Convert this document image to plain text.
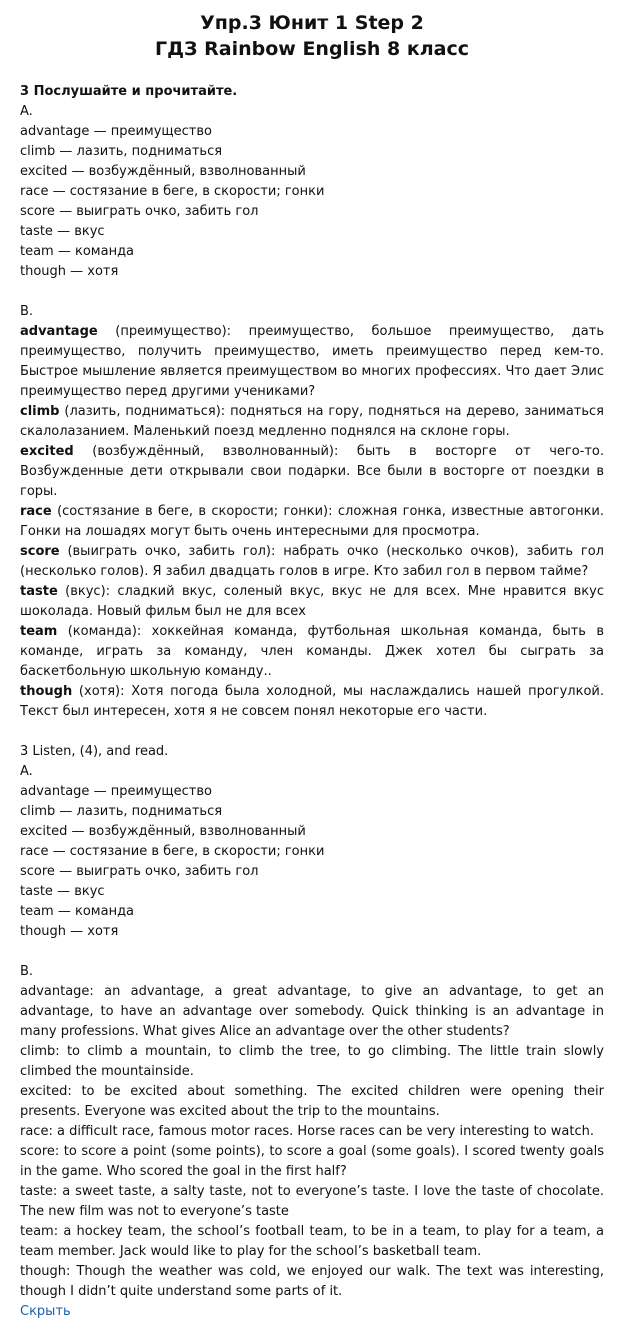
Упр.3 Юнит 1 Step 2
ГДЗ Rainbow English 8 класс
3 Послушайте и прочитайте.
A.
advantage — преимущество
climb — лазить, подниматься
excited — возбуждённый, взволнованный
race — состязание в беге, в скорости; гонки
score — выиграть очко, забить гол
taste — вкус
team — команда
though — хотя
B.

advantage (преимущество): преимущество, большое преимущество, дать преимущество, получить преимущество, иметь преимущество перед кем-то. Быстрое мышление является преимуществом во многих профессиях. Что дает Элис преимущество перед другими учениками?

climb (лазить, подниматься): подняться на гору, подняться на дерево, заниматься скалолазанием. Маленький поезд медленно поднялся на склоне горы.

excited (возбуждённый, взволнованный): быть в восторге от чего-то. Возбужденные дети открывали свои подарки. Все были в восторге от поездки в горы.

race (состязание в беге, в скорости; гонки): сложная гонка, известные автогонки. Гонки на лошадях могут быть очень интересными для просмотра.

score (выиграть очко, забить гол): набрать очко (несколько очков), забить гол (несколько голов). Я забил двадцать голов в игре. Кто забил гол в первом тайме?

taste (вкус): сладкий вкус, соленый вкус, вкус не для всех. Мне нравится вкус шоколада. Новый фильм был не для всех

team (команда): хоккейная команда, футбольная школьная команда, быть в команде, играть за команду, член команды. Джек хотел бы сыграть за баскетбольную школьную команду..

though (хотя): Хотя погода была холодной, мы наслаждались нашей прогулкой. Текст был интересен, хотя я не совсем понял некоторые его части.

3 Listen, (4), and read.
A.
advantage — преимущество
climb — лазить, подниматься
excited — возбуждённый, взволнованный
race — состязание в беге, в скорости; гонки
score — выиграть очко, забить гол
taste — вкус
team — команда
though — хотя
B.

advantage: an advantage, a great advantage, to give an advantage, to get an advantage, to have an advantage over somebody. Quick thinking is an advantage in many professions. What gives Alice an advantage over the other students?

climb: to climb a mountain, to climb the tree, to go climbing. The little train slowly climbed the mountainside.

excited: to be excited about something. The excited children were opening their presents. Everyone was excited about the trip to the mountains.

race: a difficult race, famous motor races. Horse races can be very interesting to watch.

score: to score a point (some points), to score a goal (some goals). I scored twenty goals in the game. Who scored the goal in the first half?

taste: a sweet taste, a salty taste, not to everyone’s taste. I love the taste of chocolate. The new film was not to everyone’s taste

team: a hockey team, the school’s football team, to be in a team, to play for a team, a team member. Jack would like to play for the school’s basketball team.

though: Though the weather was cold, we enjoyed our walk. The text was interesting, though I didn’t quite understand some parts of it.

Скрыть
